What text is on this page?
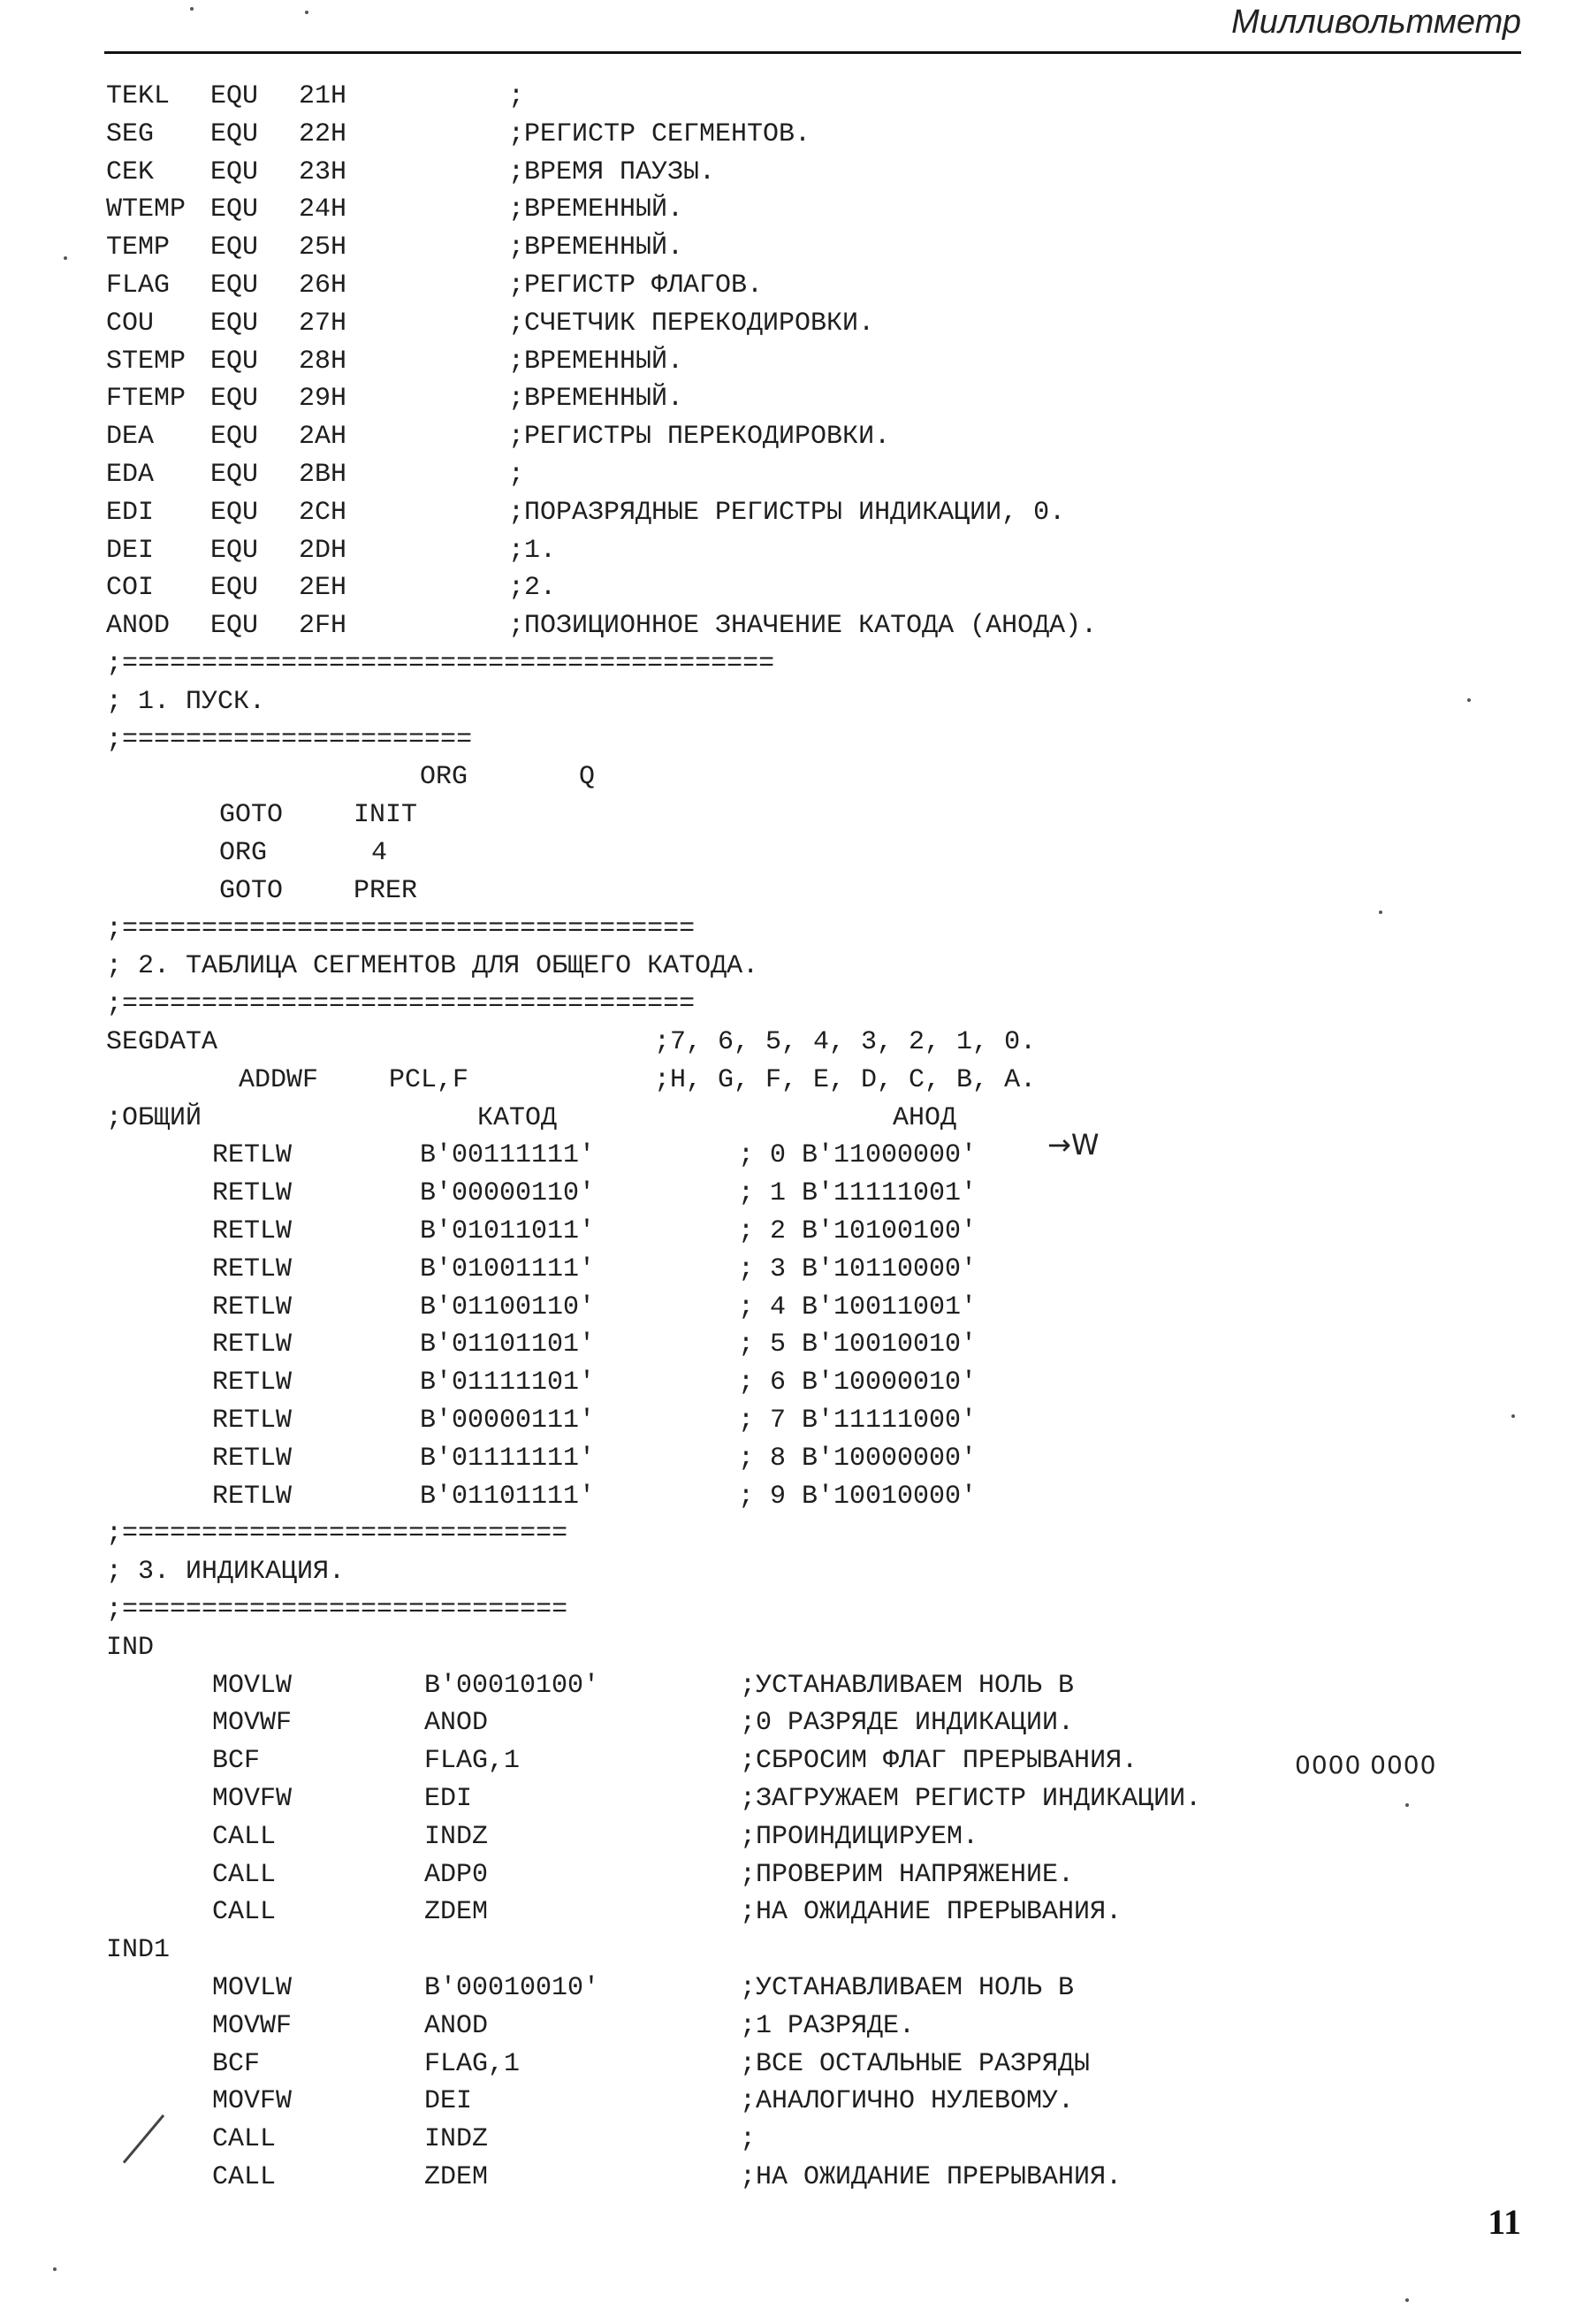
Милливольтметр
TEKL EQU 21H	;
SEG EQU 22H	;РЕГИСТР СЕГМЕНТОВ.
CEK EQU 23H	;ВРЕМЯ ПАУЗЫ.
WTEMP EQU 24H	;ВРЕМЕННЫЙ.
TEMP EQU 25H	;ВРЕМЕННЫЙ.
FLAG EQU 26H	;РЕГИСТР ФЛАГОВ.
COU EQU 27H	;СЧЕТЧИК ПЕРЕКОДИРОВКИ.
STEMP EQU 28H	;ВРЕМЕННЫЙ.
FTEMP EQU 29H	;ВРЕМЕННЫЙ.
DEA EQU 2AH	;РЕГИСТРЫ ПЕРЕКОДИРОВКИ.
EDA EQU 2BH	;
EDI EQU 2CH	;ПОРАЗРЯДНЫЕ РЕГИСТРЫ ИНДИКАЦИИ, 0.
DEI EQU 2DH	;1.
COI EQU 2EH	;2.
ANOD EQU 2FH	;ПОЗИЦИОННОЕ ЗНАЧЕНИЕ КАТОДА (АНОДА).
;=========================================
; 1. ПУСК.
;======================
ORG	Q
GOTO	INIT
ORG	4
GOTO	PRER
;====================================
; 2. ТАБЛИЦА СЕГМЕНТОВ ДЛЯ ОБЩЕГО КАТОДА.
;====================================
SEGDATA	;7, 6, 5, 4, 3, 2, 1, 0.
ADDWF	PCL,F	;H, G, F, E, D, C, B, A.
;ОБЩИЙ	КАТОД	АНОД
RETLW	B'00111111'	; 0 B'11000000'
RETLW	B'00000110'	; 1 B'11111001'
RETLW	B'01011011'	; 2 B'10100100'
RETLW	B'01001111'	; 3 B'10110000'
RETLW	B'01100110'	; 4 B'10011001'
RETLW	B'01101101'	; 5 B'10010010'
RETLW	B'01111101'	; 6 B'10000010'
RETLW	B'00000111'	; 7 B'11111000'
RETLW	B'01111111'	; 8 B'10000000'
RETLW	B'01101111'	; 9 B'10010000'
;============================
; 3. ИНДИКАЦИЯ.
;============================
IND
MOVLW	B'00010100'	;УСТАНАВЛИВАЕМ НОЛЬ В
MOVWF	ANOD	;0 РАЗРЯДЕ ИНДИКАЦИИ.
BCF	FLAG,1	;СБРОСИМ ФЛАГ ПРЕРЫВАНИЯ.
MOVFW	EDI	;ЗАГРУЖАЕМ РЕГИСТР ИНДИКАЦИИ.
CALL	INDZ	;ПРОИНДИЦИРУЕМ.
CALL	ADP0	;ПРОВЕРИМ НАПРЯЖЕНИЕ.
CALL	ZDEM	;НА ОЖИДАНИЕ ПРЕРЫВАНИЯ.
IND1
MOVLW	B'00010010'	;УСТАНАВЛИВАЕМ НОЛЬ В
MOVWF	ANOD	;1 РАЗРЯДЕ.
BCF	FLAG,1	;ВСЕ ОСТАЛЬНЫЕ РАЗРЯДЫ
MOVFW	DEI	;АНАЛОГИЧНО НУЛЕВОМУ.
CALL	INDZ	;
CALL	ZDEM	;НА ОЖИДАНИЕ ПРЕРЫВАНИЯ.
→W
0000 0000
11
